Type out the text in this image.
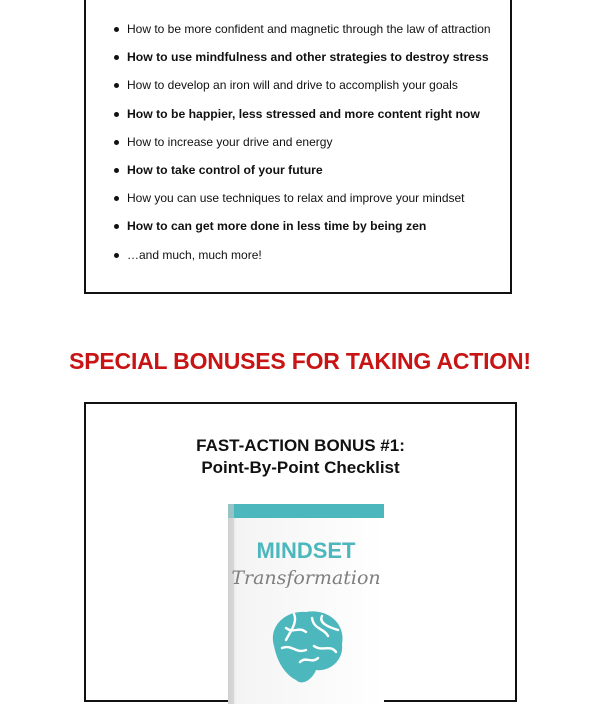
How to be more confident and magnetic through the law of attraction
How to use mindfulness and other strategies to destroy stress
How to develop an iron will and drive to accomplish your goals
How to be happier, less stressed and more content right now
How to increase your drive and energy
How to take control of your future
How you can use techniques to relax and improve your mindset
How to can get more done in less time by being zen
…and much, much more!
SPECIAL BONUSES FOR TAKING ACTION!
FAST-ACTION BONUS #1:
Point-By-Point Checklist
MINDSET
Transformation
